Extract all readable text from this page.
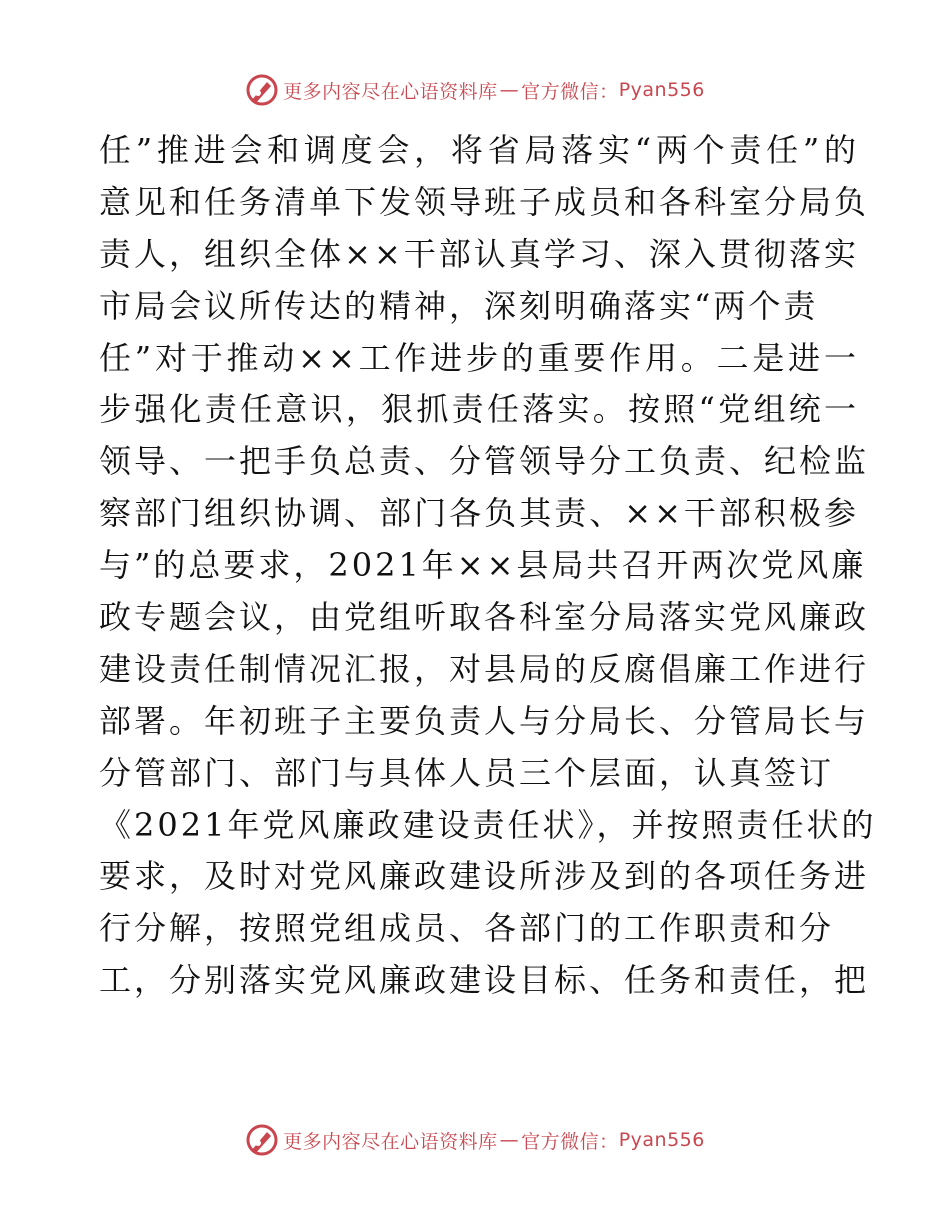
更多内容尽在心语资料库 — 官方微信： Pyan556
任”推进会和调度会，将省局落实“两个责任”的
意见和任务清单下发领导班子成员和各科室分局负
责人，组织全体××干部认真学习、深入贯彻落实
市局会议所传达的精神，深刻明确落实“两个责
任”对于推动××工作进步的重要作用。二是进一
步强化责任意识，狠抓责任落实。按照“党组统一
领导、一把手负总责、分管领导分工负责、纪检监
察部门组织协调、部门各负其责、××干部积极参
与”的总要求，2021年××县局共召开两次党风廉
政专题会议，由党组听取各科室分局落实党风廉政
建设责任制情况汇报，对县局的反腐倡廉工作进行
部署。年初班子主要负责人与分局长、分管局长与
分管部门、部门与具体人员三个层面，认真签订
《2021年党风廉政建设责任状》，并按照责任状的
要求，及时对党风廉政建设所涉及到的各项任务进
行分解，按照党组成员、各部门的工作职责和分
工，分别落实党风廉政建设目标、任务和责任，把
更多内容尽在心语资料库 — 官方微信： Pyan556
